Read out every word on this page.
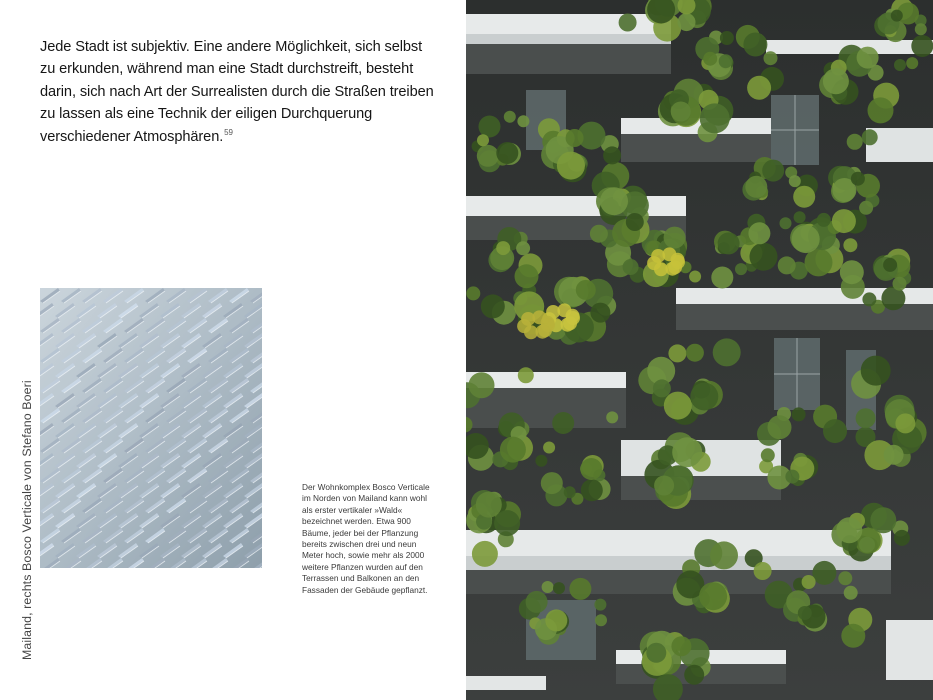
Jede Stadt ist subjektiv. Eine andere Möglichkeit, sich selbst zu erkunden, während man eine Stadt durchstreift, besteht darin, sich nach Art der Surrealisten durch die Straßen treiben zu lassen als eine Technik der eiligen Durchquerung verschiedener Atmosphären.$^{59}$

Mailand, rechts Bosco Verticale von Stefano Boeri	Der Wohnkomplex Bosco Verticale im Norden von Mailand kann wohl als erster vertikaler »Wald« bezeichnet werden. Etwa 900 Bäume, jeder bei der Pflanzung bereits zwischen drei und neun Meter hoch, sowie mehr als 2000 weitere Pflanzen wurden auf den Terrassen und Balkonen an den Fassaden der Gebäude gepflanzt.
